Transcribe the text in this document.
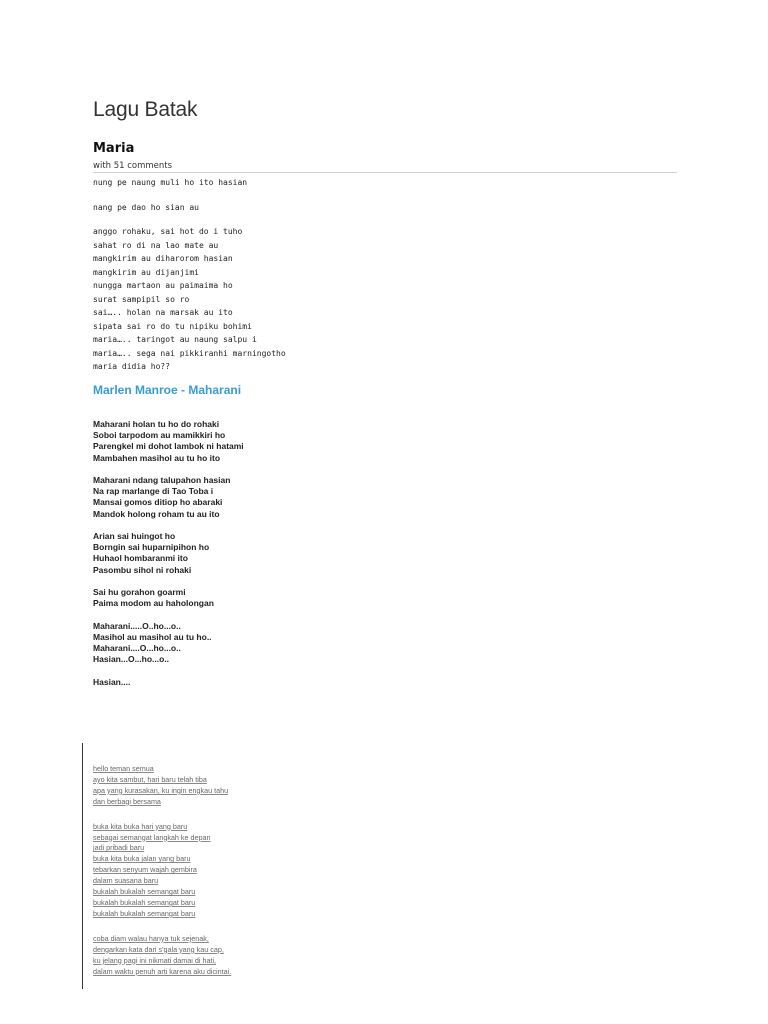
Lagu Batak
Maria
with 51 comments
nung pe naung muli ho ito hasian
nang pe dao ho sian au
anggo rohaku, sai hot do i tuho
sahat ro di na lao mate au
mangkirim au diharorom hasian
mangkirim au dijanjimi
nungga martaon au paimaima ho
surat sampipil so ro
sai….. holan na marsak au ito
sipata sai ro do tu nipiku bohimi
maria….. taringot au naung salpu i
maria….. sega nai pikkiranhi marningotho
maria didia ho??
Marlen Manroe - Maharani
Maharani holan tu ho do rohaki
Soboi tarpodom au mamikkiri ho
Parengkel mi dohot lambok ni hatami
Mambahen masihol au tu ho ito
Maharani ndang talupahon hasian
Na rap marlange di Tao Toba i
Mansai gomos ditiop ho abaraki
Mandok holong roham tu au ito
Arian sai huingot ho
Borngin sai huparnipihon ho
Huhaol hombaranmi ito
Pasombu sihol ni rohaki
Sai hu gorahon goarmi
Paima modom au haholongan
Maharani.....O..ho...o..
Masihol au masihol au tu ho..
Maharani....O...ho...o..
Hasian...O...ho...o..
Hasian....
hello teman semua
ayo kita sambut, hari baru telah tiba
apa yang kurasakan, ku ingin engkau tahu
dan berbagi bersama
buka kita buka hari yang baru
sebagai semangat langkah ke depan
jadi pribadi baru
buka kita buka jalan yang baru
tebarkan senyum wajah gembira
dalam suasana baru
bukalah bukalah semangat baru
bukalah bukalah semangat baru
bukalah bukalah semangat baru
coba diam walau hanya tuk sejenak,
dengarkan kata dari s'gala yang kau cap,
ku jelang pagi ini nikmati damai di hati,
dalam waktu penuh arti karena aku dicintai.
